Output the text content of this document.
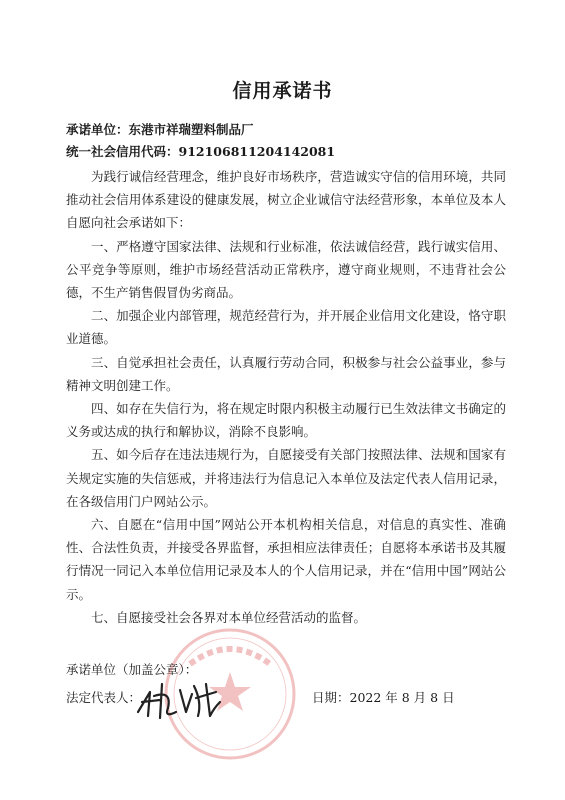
信用承诺书
承诺单位：东港市祥瑞塑料制品厂
统一社会信用代码：912106811204142081

为践行诚信经营理念，维护良好市场秩序，营造诚实守信的信用环境，共同推动社会信用体系建设的健康发展，树立企业诚信守法经营形象，本单位及本人自愿向社会承诺如下：

一、严格遵守国家法律、法规和行业标准，依法诚信经营，践行诚实信用、公平竞争等原则，维护市场经营活动正常秩序，遵守商业规则，不违背社会公德，不生产销售假冒伪劣商品。

二、加强企业内部管理，规范经营行为，并开展企业信用文化建设，恪守职业道德。

三、自觉承担社会责任，认真履行劳动合同，积极参与社会公益事业，参与精神文明创建工作。

四、如存在失信行为，将在规定时限内积极主动履行已生效法律文书确定的义务或达成的执行和解协议，消除不良影响。

五、如今后存在违法违规行为，自愿接受有关部门按照法律、法规和国家有关规定实施的失信惩戒，并将违法行为信息记入本单位及法定代表人信用记录，在各级信用门户网站公示。

六、自愿在“信用中国”网站公开本机构相关信息，对信息的真实性、准确性、合法性负责，并接受各界监督，承担相应法律责任；自愿将本承诺书及其履行情况一同记入本单位信用记录及本人的个人信用记录，并在“信用中国”网站公示。

七、自愿接受社会各界对本单位经营活动的监督。

承诺单位（加盖公章）：
法定代表人：	日期：2022 年 8 月 8 日
